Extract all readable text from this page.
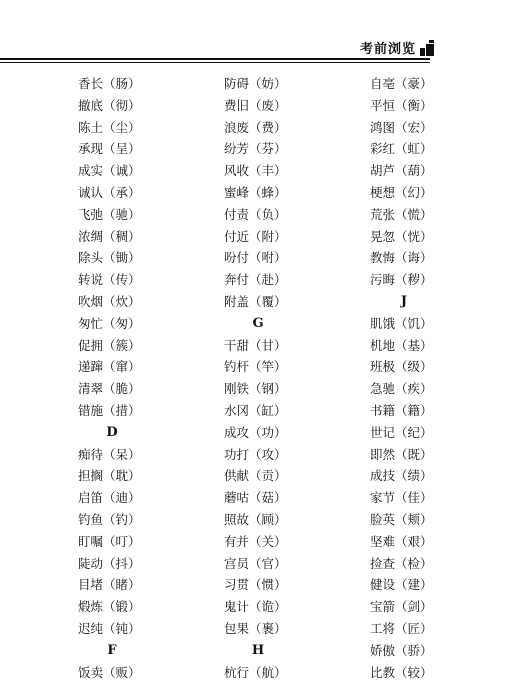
考前浏览
香长（肠）
撤底（彻）
陈土（尘）
承现（呈）
成实（诚）
诚认（承）
飞弛（驰）
浓绸（稠）
除头（锄）
转说（传）
吹烟（炊）
匆忙（匆）
促拥（簇）
递蹿（窜）
清翠（脆）
错施（措）
D
痴待（呆）
担搁（耽）
启笛（迪）
钓鱼（钓）
盯嘱（叮）
陡动（抖）
目堵（睹）
煅炼（锻）
迟纯（钝）
F
饭卖（贩）
防碍（妨）
费旧（废）
浪废（费）
纷芳（芬）
风收（丰）
蜜峰（蜂）
付责（负）
付近（附）
吩付（咐）
奔付（赴）
附盖（覆）
G
干甜（甘）
钓杆（竿）
刚铁（钢）
水冈（缸）
成攻（功）
功打（攻）
供献（贡）
蘑咕（菇）
照故（顾）
有并（关）
宫员（官）
习贯（惯）
鬼计（诡）
包果（裹）
H
杭行（航）
自亳（豪）
平恒（衡）
鸿图（宏）
彩红（虹）
胡芦（葫）
梗想（幻）
荒张（慌）
晃忽（恍）
教悔（诲）
污晦（秽）
J
肌饿（饥）
机地（基）
班极（级）
急驰（疾）
书籍（籍）
世记（纪）
即然（既）
成技（绩）
家节（佳）
脸英（颊）
坚难（艰）
捡查（检）
健设（建）
宝箭（剑）
工将（匠）
娇傲（骄）
比教（较）
